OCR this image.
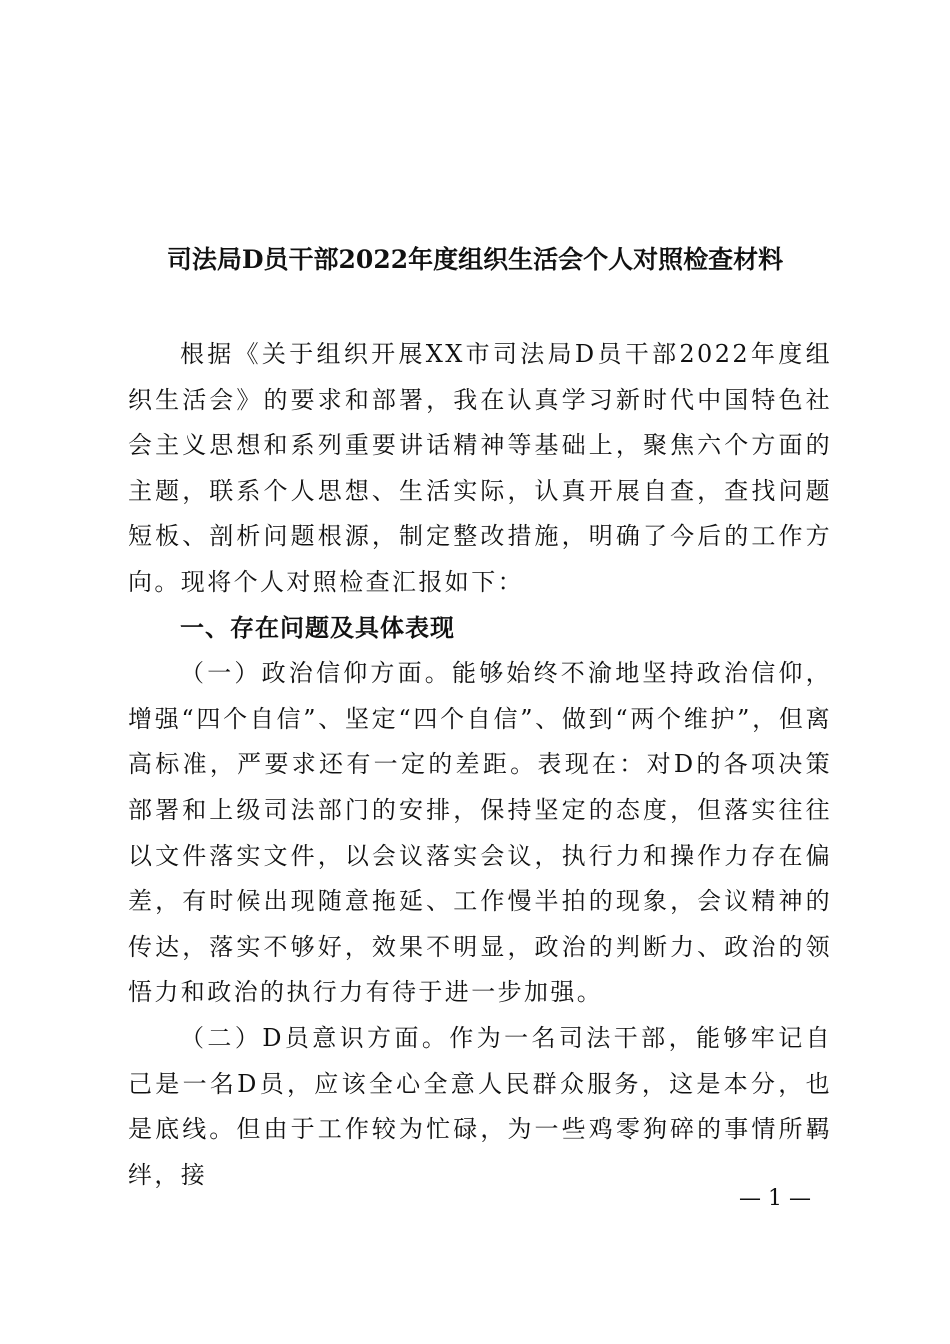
司法局D员干部2022年度组织生活会个人对照检查材料

根据《关于组织开展XX市司法局D员干部2022年度组织生活会》的要求和部署，我在认真学习新时代中国特色社会主义思想和系列重要讲话精神等基础上，聚焦六个方面的主题，联系个人思想、生活实际，认真开展自查，查找问题短板、剖析问题根源，制定整改措施，明确了今后的工作方向。现将个人对照检查汇报如下：

一、存在问题及具体表现

（一）政治信仰方面。能够始终不渝地坚持政治信仰，增强“四个自信”、坚定“四个自信”、做到“两个维护”，但离高标准，严要求还有一定的差距。表现在：对D的各项决策部署和上级司法部门的安排，保持坚定的态度，但落实往往以文件落实文件，以会议落实会议，执行力和操作力存在偏差，有时候出现随意拖延、工作慢半拍的现象，会议精神的传达，落实不够好，效果不明显，政治的判断力、政治的领悟力和政治的执行力有待于进一步加强。

（二）D员意识方面。作为一名司法干部，能够牢记自己是一名D员，应该全心全意人民群众服务，这是本分，也是底线。但由于工作较为忙碌，为一些鸡零狗碎的事情所羁绊，接

— 1 —
